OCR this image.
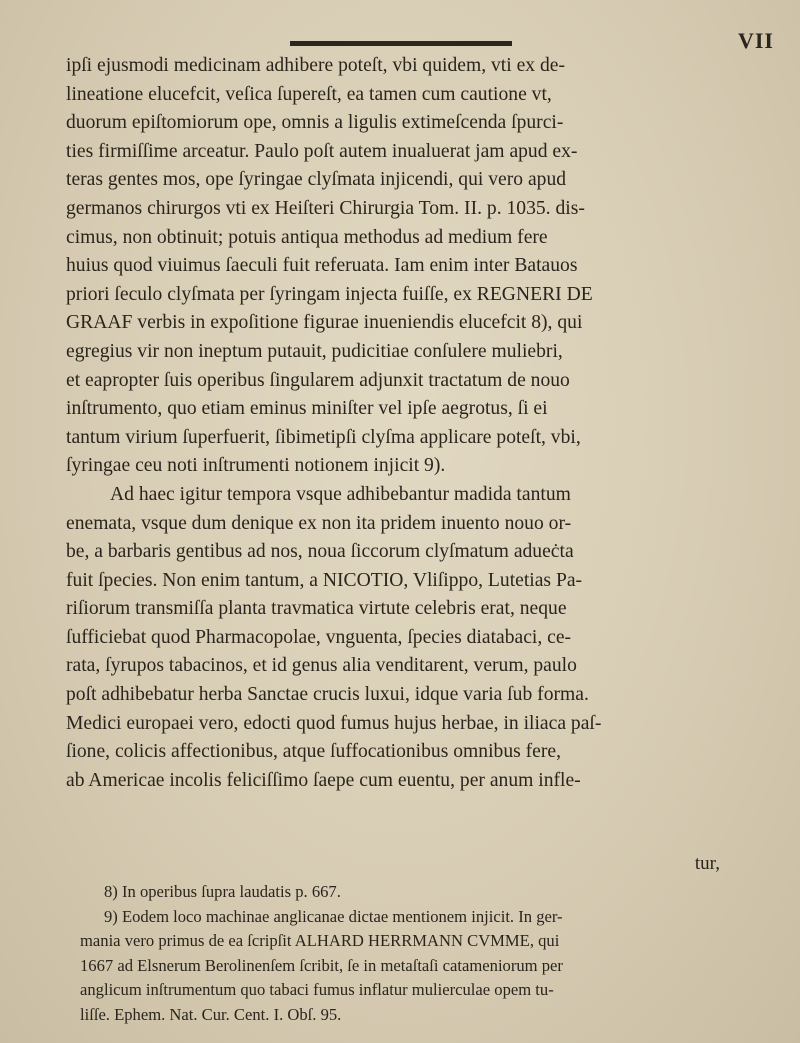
VII
ipſi ejusmodi medicinam adhibere poteſt, vbi quidem, vti ex de-
lineatione elucefcit, veſica ſupereſt, ea tamen cum cautione vt,
duorum epiſtomiorum ope, omnis a ligulis extimeſcenda ſpurci-
ties firmiſſime arceatur. Paulo poſt autem inualuerat jam apud ex-
teras gentes mos, ope ſyringae clyſmata injicendi, qui vero apud
germanos chirurgos vti ex Heiſteri Chirurgia Tom. II. p. 1035. dis-
cimus, non obtinuit; potuis antiqua methodus ad medium fere
huius quod viuimus ſaeculi fuit referuata. Iam enim inter Batauos
priori ſeculo clyſmata per ſyringam injecta fuiſſe, ex REGNERI DE
GRAAF verbis in expoſitione figurae inueniendis elucefcit 8), qui
egregius vir non ineptum putauit, pudicitiae conſulere muliebri,
et eapropter ſuis operibus ſingularem adjunxit tractatum de nouo
inſtrumento, quo etiam eminus miniſter vel ipſe aegrotus, ſi ei
tantum virium ſuperfuerit, ſibimetipſi clyſma applicare poteſt, vbi,
ſyringae ceu noti inſtrumenti notionem injicit 9).
Ad haec igitur tempora vsque adhibebantur madida tantum
enemata, vsque dum denique ex non ita pridem inuento nouo or-
be, a barbaris gentibus ad nos, noua ſiccorum clyſmatum adueċta
fuit ſpecies. Non enim tantum, a NICOTIO, Vliſippo, Lutetias Pa-
riſiorum transmiſſa planta travmatica virtute celebris erat, neque
ſufficiebat quod Pharmacopolae, vnguenta, ſpecies diatabaci, ce-
rata, ſyrupos tabacinos, et id genus alia venditarent, verum, paulo
poſt adhibebatur herba Sanctae crucis luxui, idque varia ſub forma.
Medici europaei vero, edocti quod fumus hujus herbae, in iliaca paſ-
ſione, colicis affectionibus, atque ſuffocationibus omnibus fere,
ab Americae incolis feliciſſimo ſaepe cum euentu, per anum infle-
tur,
8) In operibus ſupra laudatis p. 667.
9) Eodem loco machinae anglicanae dictae mentionem injicit. In ger-
mania vero primus de ea ſcripſit ALHARD HERRMANN CVMME, qui
1667 ad Elsnerum Berolinenſem ſcribit, ſe in metaſtaſi catameniorum per
anglicum inſtrumentum quo tabaci fumus inflatur mulierculae opem tu-
liſſe. Ephem. Nat. Cur. Cent. I. Obſ. 95.
